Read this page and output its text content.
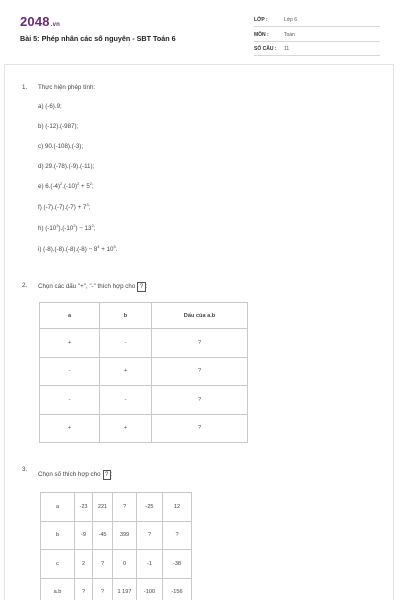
2048.vn
Bài 5: Phép nhân các số nguyên - SBT Toán 6
LỚP :	Lớp 6
MÔN :	Toán
SỐ CÂU : 11
1. Thực hiện phép tính:
a) (-6).9;
b) (-12).(-987);
c) 90.(-108).(-3);
d) 29.(-78).(-9).(-11);
e) $6.(-4)^2.(-10)^2 + 5^2$;
f) $(-7).(-7).(-7) + 7^3$;
h) $(-10^3).(-10^2) - 13^2$;
i) $(-8).(-8).(-8).(-8) - 8^4 + 10^5$.
2. Chọn các dấu "+", "-" thích hợp cho ? :
a	b	Dấu của a.b
+	-	?
-	+	?
-	-	?
+	+	?
3.
Chọn số thích hợp cho ? :
a	-23	221	?	-25	12
b	-9	-45	399	?	?
c	2	?	0	-1	-38
a.b	?	?	1 197	-100	-156
